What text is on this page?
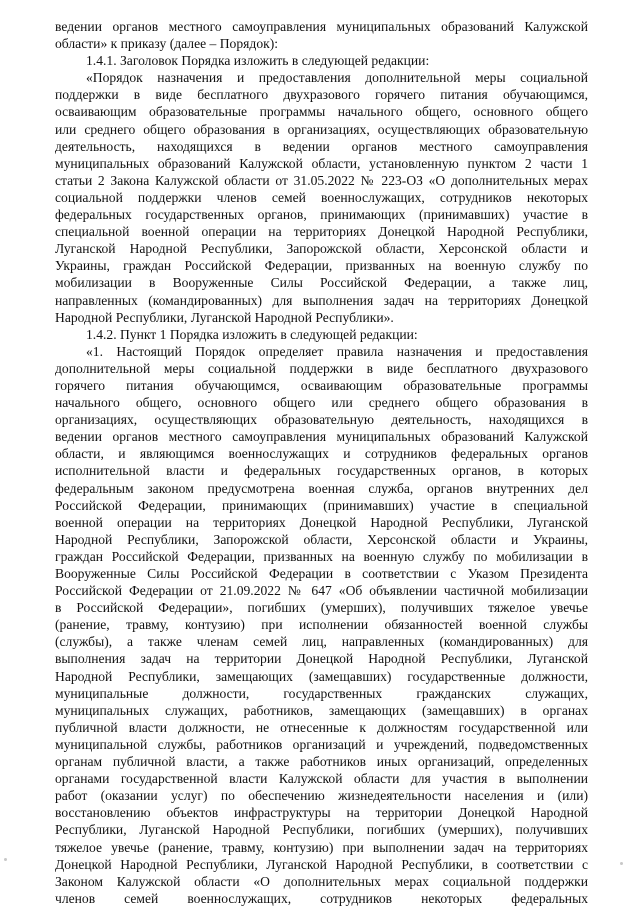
ведении органов местного самоуправления муниципальных образований Калужской
области» к приказу (далее – Порядок):
1.4.1. Заголовок Порядка изложить в следующей редакции:
«Порядок назначения и предоставления дополнительной меры социальной
поддержки в виде бесплатного двухразового горячего питания обучающимся,
осваивающим образовательные программы начального общего, основного общего
или среднего общего образования в организациях, осуществляющих образовательную
деятельность, находящихся в ведении органов местного самоуправления
муниципальных образований Калужской области, установленную пунктом 2 части 1
статьи 2 Закона Калужской области от 31.05.2022 № 223-ОЗ «О дополнительных мерах
социальной поддержки членов семей военнослужащих, сотрудников некоторых
федеральных государственных органов, принимающих (принимавших) участие в
специальной военной операции на территориях Донецкой Народной Республики,
Луганской Народной Республики, Запорожской области, Херсонской области и
Украины, граждан Российской Федерации, призванных на военную службу по
мобилизации в Вооруженные Силы Российской Федерации, а также лиц,
направленных (командированных) для выполнения задач на территориях Донецкой
Народной Республики, Луганской Народной Республики».
1.4.2. Пункт 1 Порядка изложить в следующей редакции:
«1. Настоящий Порядок определяет правила назначения и предоставления
дополнительной меры социальной поддержки в виде бесплатного двухразового
горячего питания обучающимся, осваивающим образовательные программы
начального общего, основного общего или среднего общего образования в
организациях, осуществляющих образовательную деятельность, находящихся в
ведении органов местного самоуправления муниципальных образований Калужской
области, и являющимся военнослужащих и сотрудников федеральных органов
исполнительной власти и федеральных государственных органов, в которых
федеральным законом предусмотрена военная служба, органов внутренних дел
Российской Федерации, принимающих (принимавших) участие в специальной
военной операции на территориях Донецкой Народной Республики, Луганской
Народной Республики, Запорожской области, Херсонской области и Украины,
граждан Российской Федерации, призванных на военную службу по мобилизации в
Вооруженные Силы Российской Федерации в соответствии с Указом Президента
Российской Федерации от 21.09.2022 № 647 «Об объявлении частичной мобилизации
в Российской Федерации», погибших (умерших), получивших тяжелое увечье
(ранение, травму, контузию) при исполнении обязанностей военной службы
(службы), а также членам семей лиц, направленных (командированных) для
выполнения задач на территории Донецкой Народной Республики, Луганской
Народной Республики, замещающих (замещавших) государственные должности,
муниципальные должности, государственных гражданских служащих,
муниципальных служащих, работников, замещающих (замещавших) в органах
публичной власти должности, не отнесенные к должностям государственной или
муниципальной службы, работников организаций и учреждений, подведомственных
органам публичной власти, а также работников иных организаций, определенных
органами государственной власти Калужской области для участия в выполнении
работ (оказании услуг) по обеспечению жизнедеятельности населения и (или)
восстановлению объектов инфраструктуры на территории Донецкой Народной
Республики, Луганской Народной Республики, погибших (умерших), получивших
тяжелое увечье (ранение, травму, контузию) при выполнении задач на территориях
Донецкой Народной Республики, Луганской Народной Республики, в соответствии с
Законом Калужской области «О дополнительных мерах социальной поддержки
членов семей военнослужащих, сотрудников некоторых федеральных
